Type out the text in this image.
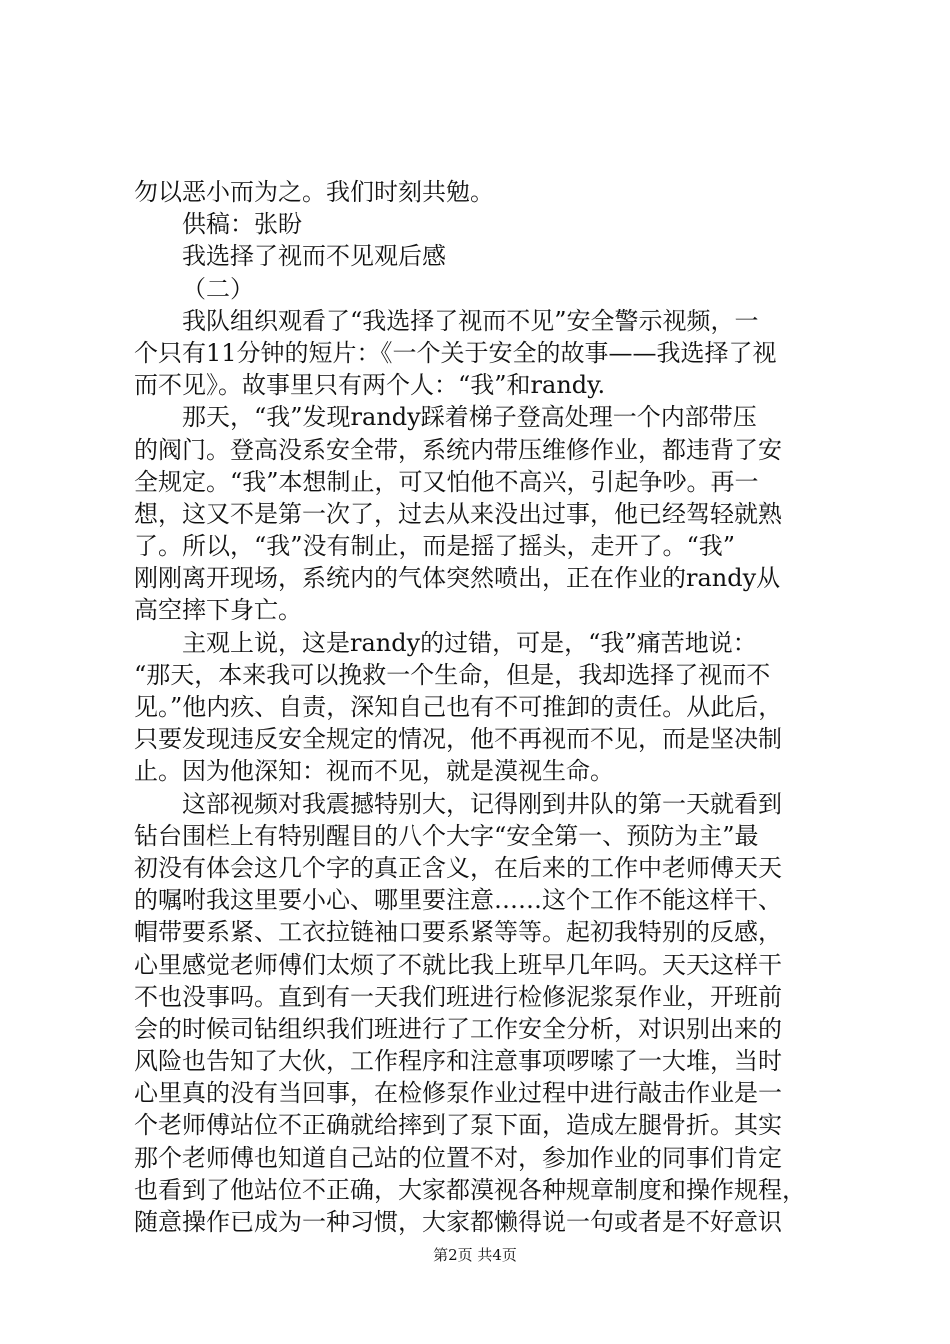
勿以恶小而为之。我们时刻共勉。
供稿：张盼
我选择了视而不见观后感
（二）
我队组织观看了“我选择了视而不见”安全警示视频，一
个只有11分钟的短片：《一个关于安全的故事——我选择了视
而不见》。故事里只有两个人：“我”和randy.
那天，“我”发现randy踩着梯子登高处理一个内部带压
的阀门。登高没系安全带，系统内带压维修作业，都违背了安
全规定。“我”本想制止，可又怕他不高兴，引起争吵。再一
想，这又不是第一次了，过去从来没出过事，他已经驾轻就熟
了。所以，“我”没有制止，而是摇了摇头，走开了。“我”
刚刚离开现场，系统内的气体突然喷出，正在作业的randy从
高空摔下身亡。
主观上说，这是randy的过错，可是，“我”痛苦地说：
“那天，本来我可以挽救一个生命，但是，我却选择了视而不
见。”他内疚、自责，深知自己也有不可推卸的责任。从此后，
只要发现违反安全规定的情况，他不再视而不见，而是坚决制
止。因为他深知：视而不见，就是漠视生命。
这部视频对我震撼特别大，记得刚到井队的第一天就看到
钻台围栏上有特别醒目的八个大字“安全第一、预防为主”最
初没有体会这几个字的真正含义，在后来的工作中老师傅天天
的嘱咐我这里要小心、哪里要注意……这个工作不能这样干、
帽带要系紧、工衣拉链袖口要系紧等等。起初我特别的反感，
心里感觉老师傅们太烦了不就比我上班早几年吗。天天这样干
不也没事吗。直到有一天我们班进行检修泥浆泵作业，开班前
会的时候司钻组织我们班进行了工作安全分析，对识别出来的
风险也告知了大伙，工作程序和注意事项啰嗦了一大堆，当时
心里真的没有当回事，在检修泵作业过程中进行敲击作业是一
个老师傅站位不正确就给摔到了泵下面，造成左腿骨折。其实
那个老师傅也知道自己站的位置不对，参加作业的同事们肯定
也看到了他站位不正确，大家都漠视各种规章制度和操作规程，
随意操作已成为一种习惯，大家都懒得说一句或者是不好意识
第2页 共4页
